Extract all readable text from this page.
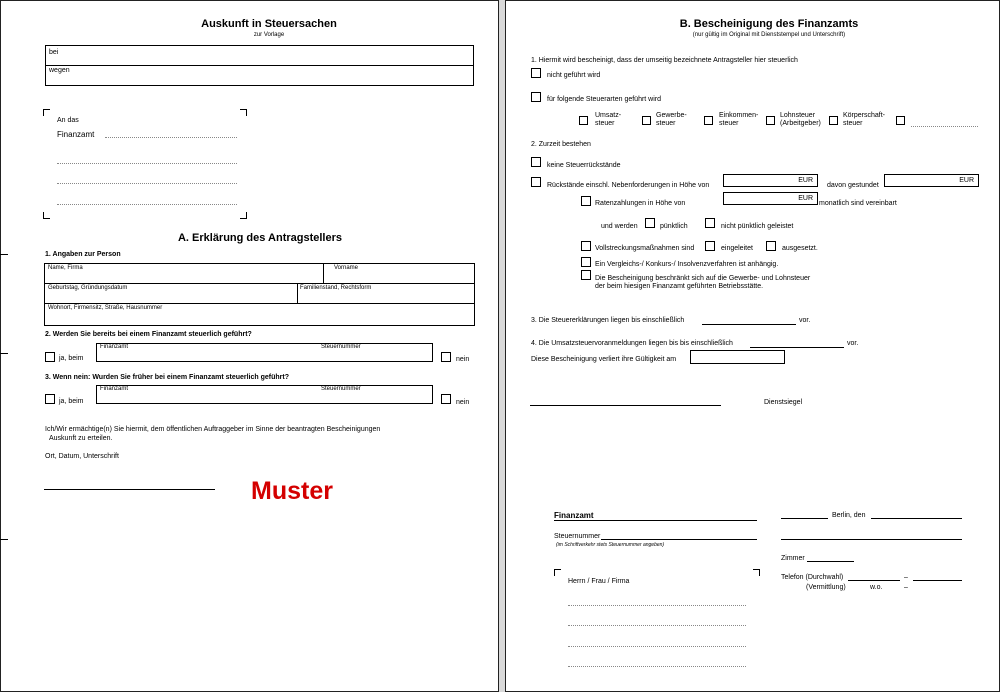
Auskunft in Steuersachen
zur Vorlage
bei
wegen
An das
Finanzamt
A. Erklärung des Antragstellers
1. Angaben zur Person
Name, Firma	Vorname
Geburtstag, Gründungsdatum	Familienstand, Rechtsform
Wohnort, Firmensitz, Straße, Hausnummer
2. Werden Sie bereits bei einem Finanzamt steuerlich geführt?
ja, beim
Finanzamt	Steuernummer
nein
3. Wenn nein: Wurden Sie früher bei einem Finanzamt steuerlich geführt?
ja, beim
Finanzamt	Steuernummer
nein
Ich/Wir ermächtige(n) Sie hiermit, dem öffentlichen Auftraggeber im Sinne der beantragten Bescheinigungen
Auskunft zu erteilen.
Ort, Datum, Unterschrift
Muster
B. Bescheinigung des Finanzamts
(nur gültig im Original mit Dienststempel und Unterschrift)
1. Hiermit wird bescheinigt, dass der umseitig bezeichnete Antragsteller hier steuerlich
nicht geführt wird
für folgende Steuerarten geführt wird
Umsatz-
steuer
Gewerbe-
steuer
Einkommen-
steuer
Lohnsteuer
(Arbeitgeber)
Körperschaft-
steuer
2. Zurzeit bestehen
keine Steuerrückstände
Rückstände einschl. Nebenforderungen in Höhe von
EUR
davon gestundet
EUR
Ratenzahlungen in Höhe von
EUR
monatlich sind vereinbart
und werden	pünktlich	nicht pünktlich geleistet
Vollstreckungsmaßnahmen sind	eingeleitet	ausgesetzt.
Ein Vergleichs-/ Konkurs-/ Insolvenzverfahren ist anhängig.
Die Bescheinigung beschränkt sich auf die Gewerbe- und Lohnsteuer
der beim hiesigen Finanzamt geführten Betriebsstätte.
3. Die Steuererklärungen liegen bis einschließlich	vor.
4. Die Umsatzsteuervoranmeldungen liegen bis bis einschließlich	vor.
Diese Bescheinigung verliert ihre Gültigkeit am
Dienstsiegel
Finanzamt	Berlin, den
Steuernummer
(im Schriftverkehr stets Steuernummer angeben)
Zimmer
Herrn / Frau / Firma
Telefon (Durchwahl)	–
(Vermittlung)	w.o.	–
